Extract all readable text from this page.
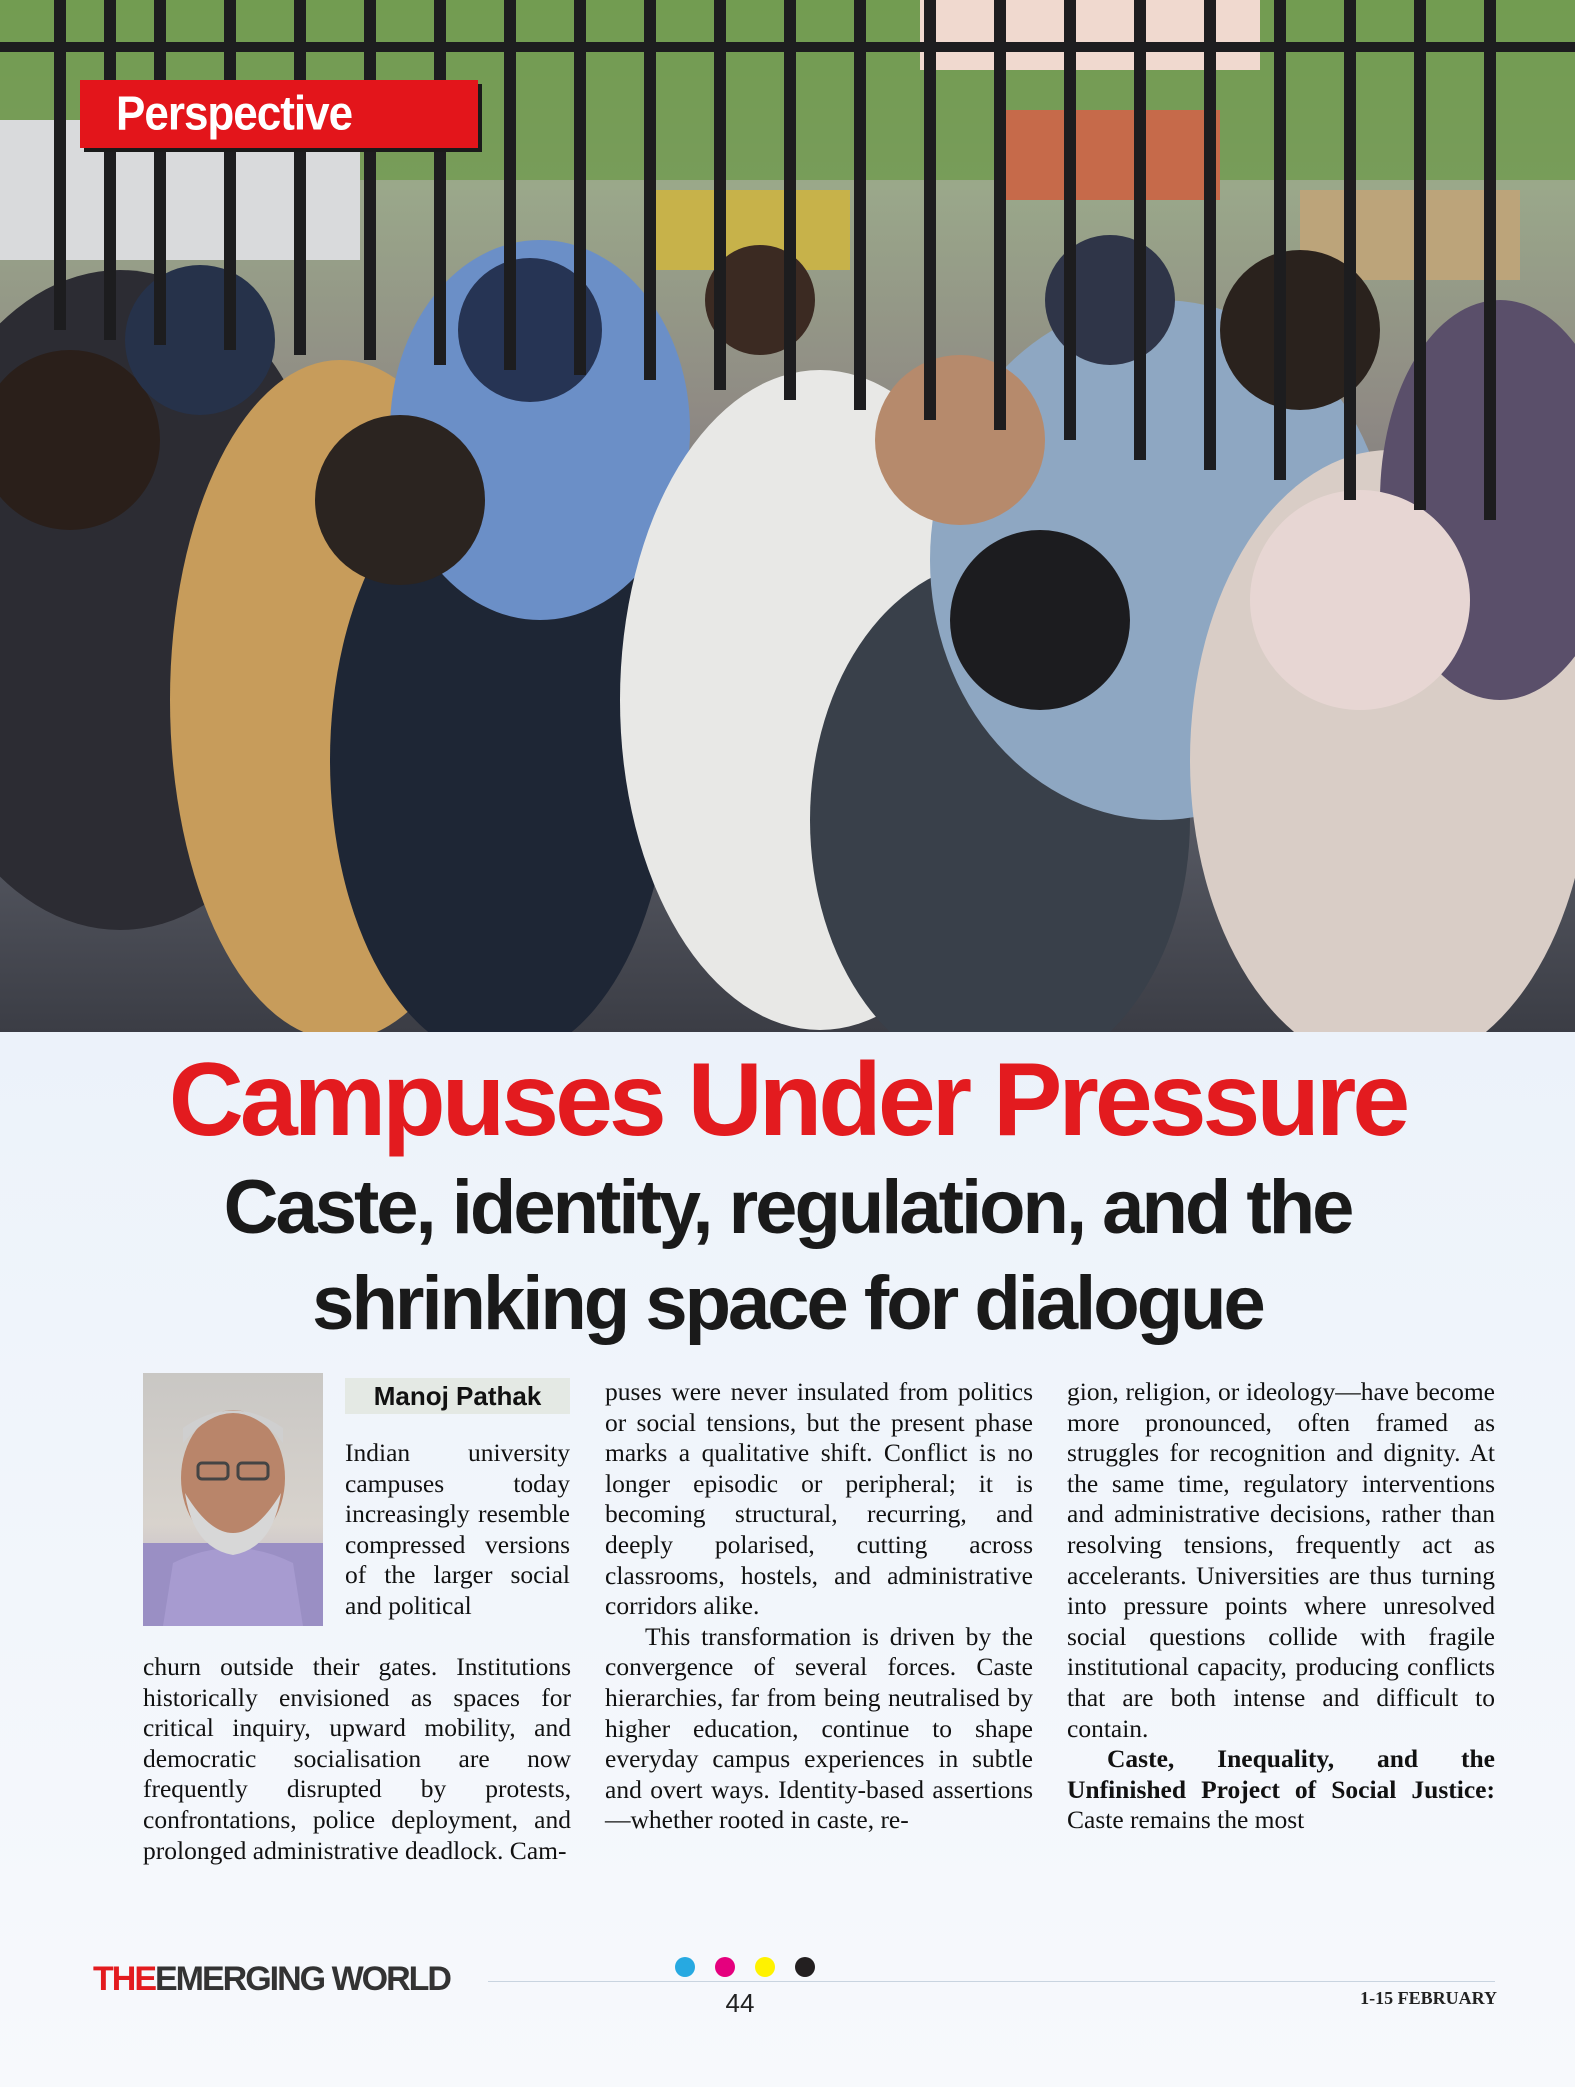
Perspective
Campuses Under Pressure
Caste, identity, regulation, and the shrinking space for dialogue
Manoj Pathak

Indian university campuses today increasingly resemble compressed versions of the larger social and political

churn outside their gates. Institutions historically envisioned as spaces for critical inquiry, upward mobility, and democratic socialisation are now frequently disrupted by protests, confrontations, police deployment, and prolonged administrative deadlock. Cam-

puses were never insulated from politics or social tensions, but the present phase marks a qualitative shift. Conflict is no longer episodic or peripheral; it is becoming structural, recurring, and deeply polarised, cutting across classrooms, hostels, and administrative corridors alike.

This transformation is driven by the convergence of several forces. Caste hierarchies, far from being neutralised by higher education, continue to shape everyday campus experiences in subtle and overt ways. Identity-based assertions—whether rooted in caste, re-

gion, religion, or ideology—have become more pronounced, often framed as struggles for recognition and dignity. At the same time, regulatory interventions and administrative decisions, rather than resolving tensions, frequently act as accelerants. Universities are thus turning into pressure points where unresolved social questions collide with fragile institutional capacity, producing conflicts that are both intense and difficult to contain.

Caste, Inequality, and the Unfinished Project of Social Justice: Caste remains the most

THEEMERGING WORLD
44	1-15 FEBRUARY
